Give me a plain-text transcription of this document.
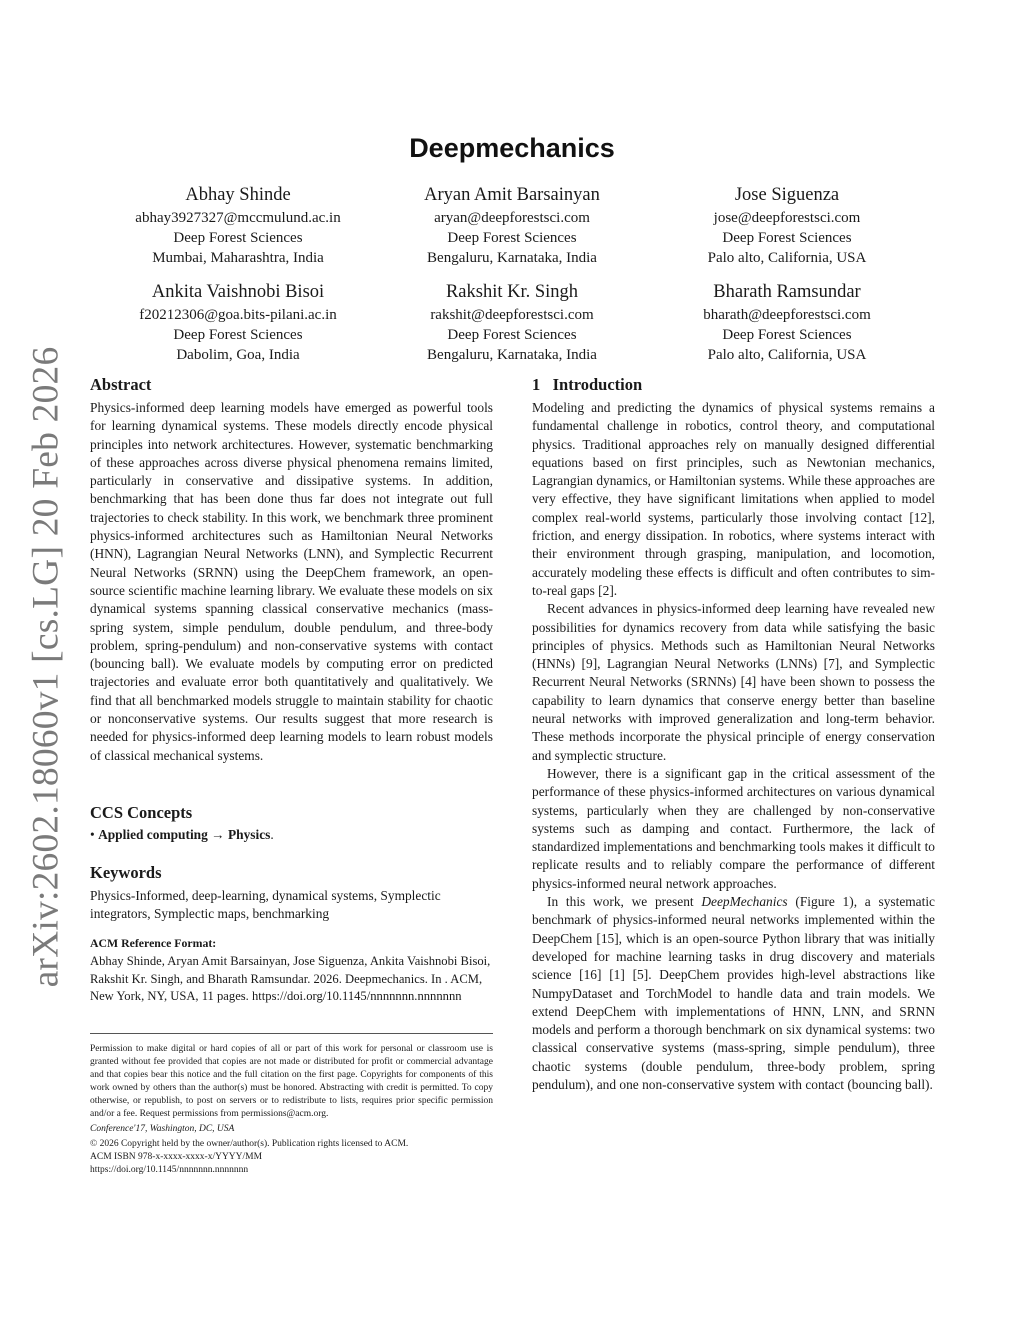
arXiv:2602.18060v1 [cs.LG] 20 Feb 2026
Deepmechanics
Abhay Shinde
abhay3927327@mccmulund.ac.in
Deep Forest Sciences
Mumbai, Maharashtra, India
Aryan Amit Barsainyan
aryan@deepforestsci.com
Deep Forest Sciences
Bengaluru, Karnataka, India
Jose Siguenza
jose@deepforestsci.com
Deep Forest Sciences
Palo alto, California, USA
Ankita Vaishnobi Bisoi
f20212306@goa.bits-pilani.ac.in
Deep Forest Sciences
Dabolim, Goa, India
Rakshit Kr. Singh
rakshit@deepforestsci.com
Deep Forest Sciences
Bengaluru, Karnataka, India
Bharath Ramsundar
bharath@deepforestsci.com
Deep Forest Sciences
Palo alto, California, USA

Abstract

Physics-informed deep learning models have emerged as powerful tools for learning dynamical systems. These models directly encode physical principles into network architectures. However, systematic benchmarking of these approaches across diverse physical phenomena remains limited, particularly in conservative and dissipative systems. In addition, benchmarking that has been done thus far does not integrate out full trajectories to check stability. In this work, we benchmark three prominent physics-informed architectures such as Hamiltonian Neural Networks (HNN), Lagrangian Neural Networks (LNN), and Symplectic Recurrent Neural Networks (SRNN) using the DeepChem framework, an open-source scientific machine learning library. We evaluate these models on six dynamical systems spanning classical conservative mechanics (mass-spring system, simple pendulum, double pendulum, and three-body problem, spring-pendulum) and non-conservative systems with contact (bouncing ball). We evaluate models by computing error on predicted trajectories and evaluate error both quantitatively and qualitatively. We find that all benchmarked models struggle to maintain stability for chaotic or nonconservative systems. Our results suggest that more research is needed for physics-informed deep learning models to learn robust models of classical mechanical systems.

CCS Concepts

• Applied computing → Physics.

Keywords

Physics-Informed, deep-learning, dynamical systems, Symplectic integrators, Symplectic maps, benchmarking

ACM Reference Format:

Abhay Shinde, Aryan Amit Barsainyan, Jose Siguenza, Ankita Vaishnobi Bisoi, Rakshit Kr. Singh, and Bharath Ramsundar. 2026. Deepmechanics. In . ACM, New York, NY, USA, 11 pages. https://doi.org/10.1145/nnnnnnn.nnnnnnn

Permission to make digital or hard copies of all or part of this work for personal or classroom use is granted without fee provided that copies are not made or distributed for profit or commercial advantage and that copies bear this notice and the full citation on the first page. Copyrights for components of this work owned by others than the author(s) must be honored. Abstracting with credit is permitted. To copy otherwise, or republish, to post on servers or to redistribute to lists, requires prior specific permission and/or a fee. Request permissions from permissions@acm.org.

Conference'17, Washington, DC, USA

© 2026 Copyright held by the owner/author(s). Publication rights licensed to ACM.

ACM ISBN 978-x-xxxx-xxxx-x/YYYY/MM

https://doi.org/10.1145/nnnnnnn.nnnnnnn

1 Introduction

Modeling and predicting the dynamics of physical systems remains a fundamental challenge in robotics, control theory, and computational physics. Traditional approaches rely on manually designed differential equations based on first principles, such as Newtonian mechanics, Lagrangian dynamics, or Hamiltonian systems. While these approaches are very effective, they have significant limitations when applied to model complex real-world systems, particularly those involving contact [12], friction, and energy dissipation. In robotics, where systems interact with their environment through grasping, manipulation, and locomotion, accurately modeling these effects is difficult and often contributes to sim-to-real gaps [2].

Recent advances in physics-informed deep learning have revealed new possibilities for dynamics recovery from data while satisfying the basic principles of physics. Methods such as Hamiltonian Neural Networks (HNNs) [9], Lagrangian Neural Networks (LNNs) [7], and Symplectic Recurrent Neural Networks (SRNNs) [4] have been shown to possess the capability to learn dynamics that conserve energy better than baseline neural networks with improved generalization and long-term behavior. These methods incorporate the physical principle of energy conservation and symplectic structure.

However, there is a significant gap in the critical assessment of the performance of these physics-informed architectures on various dynamical systems, particularly when they are challenged by non-conservative systems such as damping and contact. Furthermore, the lack of standardized implementations and benchmarking tools makes it difficult to replicate results and to reliably compare the performance of different physics-informed neural network approaches.

In this work, we present DeepMechanics (Figure 1), a systematic benchmark of physics-informed neural networks implemented within the DeepChem [15], which is an open-source Python library that was initially developed for machine learning tasks in drug discovery and materials science [16] [1] [5]. DeepChem provides high-level abstractions like NumpyDataset and TorchModel to handle data and train models. We extend DeepChem with implementations of HNN, LNN, and SRNN models and perform a thorough benchmark on six dynamical systems: two classical conservative systems (mass-spring, simple pendulum), three chaotic systems (double pendulum, three-body problem, spring pendulum), and one non-conservative system with contact (bouncing ball).
